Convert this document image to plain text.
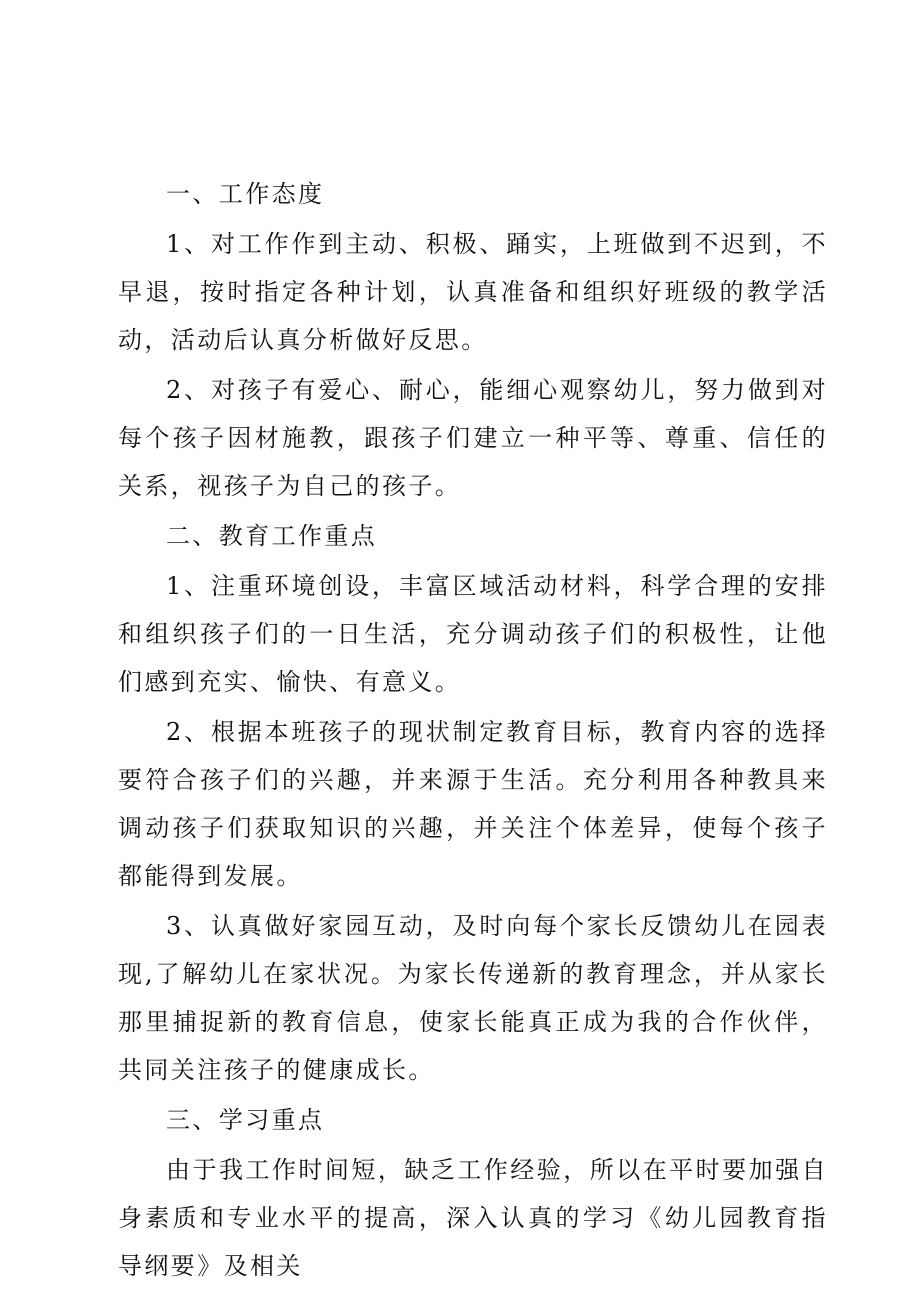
一、工作态度

1、对工作作到主动、积极、踊实，上班做到不迟到，不早退，按时指定各种计划，认真准备和组织好班级的教学活动，活动后认真分析做好反思。

2、对孩子有爱心、耐心，能细心观察幼儿，努力做到对每个孩子因材施教，跟孩子们建立一种平等、尊重、信任的关系，视孩子为自己的孩子。

二、教育工作重点

1、注重环境创设，丰富区域活动材料，科学合理的安排和组织孩子们的一日生活，充分调动孩子们的积极性，让他们感到充实、愉快、有意义。

2、根据本班孩子的现状制定教育目标，教育内容的选择要符合孩子们的兴趣，并来源于生活。充分利用各种教具来调动孩子们获取知识的兴趣，并关注个体差异，使每个孩子都能得到发展。

3、认真做好家园互动，及时向每个家长反馈幼儿在园表现,了解幼儿在家状况。为家长传递新的教育理念，并从家长那里捕捉新的教育信息，使家长能真正成为我的合作伙伴，共同关注孩子的健康成长。

三、学习重点

由于我工作时间短，缺乏工作经验，所以在平时要加强自身素质和专业水平的提高，深入认真的学习《幼儿园教育指导纲要》及相关
